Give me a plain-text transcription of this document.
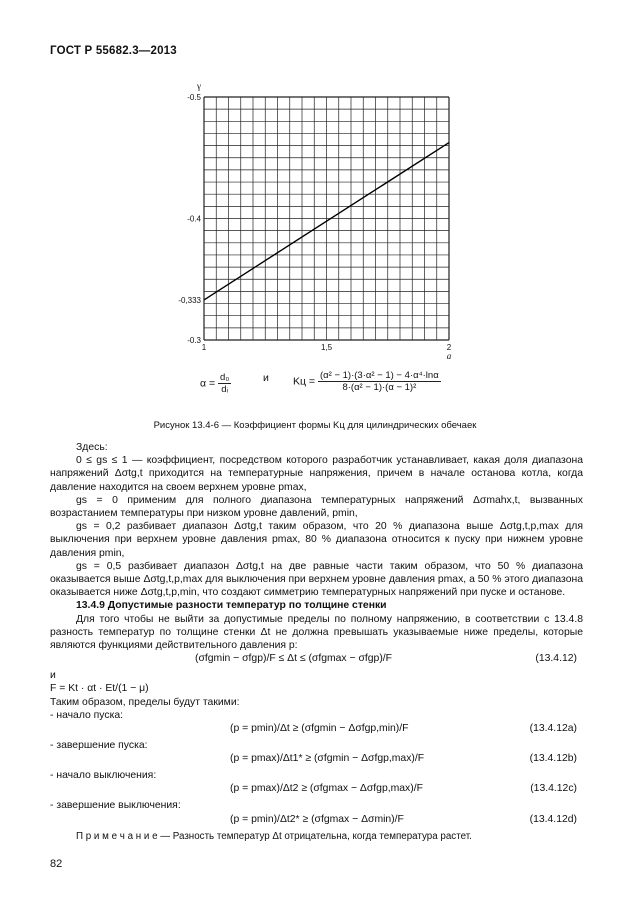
ГОСТ Р 55682.3—2013
1	1,5	2
-0.5
-0.4
-0,333
-0.3
γ
a
$\alpha = \frac{\text{d₀}}{\text{dᵢ}}$	и Kц = $\frac{\text{(α² − 1)·(3·α² − 1) − 4·α⁴·lnα}}{\text{8·(α² − 1)·(α − 1)²}}$
Рисунок 13.4-6 — Коэффициент формы Kц для цилиндрических обечаек

Здесь:

0 ≤ gs ≤ 1 — коэффициент, посредством которого разработчик устанавливает, какая доля диапазона напряжений Δσtg,t приходится на температурные напряжения, причем в начале останова котла, когда давление находится на своем верхнем уровне pmax,

gs = 0 применим для полного диапазона температурных напряжений Δσmahx,t, вызванных возрастанием температуры при низком уровне давлений, pmin,

gs = 0,2 разбивает диапазон Δσtg,t таким образом, что 20 % диапазона выше Δσtg,t,p,max для выключения при верхнем уровне давления pmax, 80 % диапазона относится к пуску при нижнем уровне давления pmin,

gs = 0,5 разбивает диапазон Δσtg,t на две равные части таким образом, что 50 % диапазона оказывается выше Δσtg,t,p,max для выключения при верхнем уровне давления pmax, а 50 % этого диапазона оказывается ниже Δσtg,t,p,min, что создают симметрию температурных напряжений при пуске и останове.

13.4.9 Допустимые разности температур по толщине стенки

Для того чтобы не выйти за допустимые пределы по полному напряжению, в соответствии с 13.4.8 разность температур по толщине стенки Δt не должна превышать указываемые ниже пределы, которые являются функциями действительного давления p:

(σfgmin − σfgp)/F ≤ Δt ≤ (σfgmax − σfgp)/F	(13.4.12)

и

F = Kt · αt · Et/(1 − μ)

Таким образом, пределы будут такими:

- начало пуска:

(p = pmin)/Δt ≥ (σfgmin − Δσfgp,min)/F	(13.4.12a)

- завершение пуска:

(p = pmax)/Δt1* ≥ (σfgmin − Δσfgp,max)/F	(13.4.12b)

- начало выключения:

(p = pmax)/Δt2 ≥ (σfgmax − Δσfgp,max)/F	(13.4.12c)

- завершение выключения:

(p = pmin)/Δt2* ≥ (σfgmax − Δσmin)/F	(13.4.12d)

П р и м е ч а н и е — Разность температур Δt отрицательна, когда температура растет.

82
